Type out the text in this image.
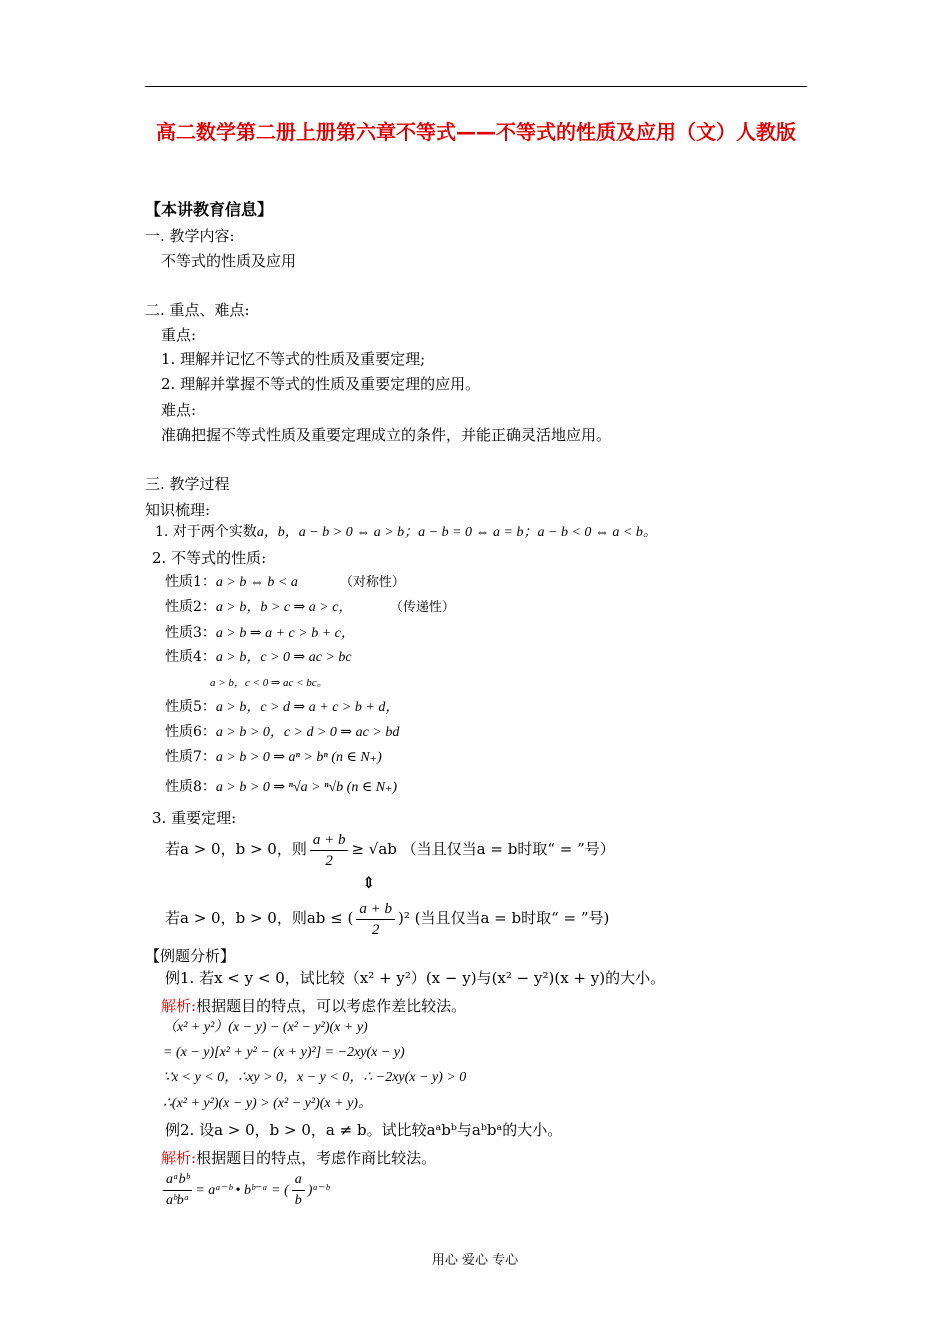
高二数学第二册上册第六章不等式——不等式的性质及应用（文）人教版
【本讲教育信息】
一. 教学内容:
不等式的性质及应用
二. 重点、难点:
重点:
1. 理解并记忆不等式的性质及重要定理;
2. 理解并掌握不等式的性质及重要定理的应用。
难点:
准确把握不等式性质及重要定理成立的条件，并能正确灵活地应用。
三. 教学过程
知识梳理:
1. 对于两个实数a，b，a − b > 0 ⇔ a > b；a − b = 0 ⇔ a = b；a − b < 0 ⇔ a < b。
2. 不等式的性质:
性质1：a > b ⇔ b < a	（对称性）
性质2：a > b，b > c ⇒ a > c，	（传递性）
性质3：a > b ⇒ a + c > b + c，
性质4：a > b，c > 0 ⇒ ac > bc
a > b，c < 0 ⇒ ac < bc。
性质5：a > b，c > d ⇒ a + c > b + d，
性质6：a > b > 0，c > d > 0 ⇒ ac > bd
性质7：a > b > 0 ⇒ aⁿ > bⁿ (n ∈ N₊)
性质8：a > b > 0 ⇒ ⁿ√a > ⁿ√b (n ∈ N₊)
3. 重要定理:
若a > 0，b > 0，则 $\frac{a + b}{2} \ge √ab$ （当且仅当a = b时取“ = ”号）
⇕
若a > 0，b > 0，则ab ≤ ( $\frac{a + b}{2} )^2$ (当且仅当a = b时取“ = ”号)
【例题分析】
例1. 若x < y < 0，试比较（x² + y²）(x − y)与(x² − y²)(x + y)的大小。
解析:根据题目的特点，可以考虑作差比较法。
（x² + y²）(x − y) − (x² − y²)(x + y)
= (x − y)[x² + y² − (x + y)²] = −2xy(x − y)
∵x < y < 0，∴xy > 0，x − y < 0，∴ −2xy(x − y) > 0
∴(x² + y²)(x − y) > (x² − y²)(x + y)。
例2. 设a > 0，b > 0，a ≠ b。试比较aᵃbᵇ与aᵇbᵃ的大小。
解析:根据题目的特点，考虑作商比较法。
$\frac{\text{aᵃbᵇ}}{\text{aᵇbᵃ}}$ = aᵃ⁻ᵇ • bᵇ⁻ᵃ = ( $\frac{a}{b}$ )ᵃ⁻ᵇ
用心 爱心 专心
